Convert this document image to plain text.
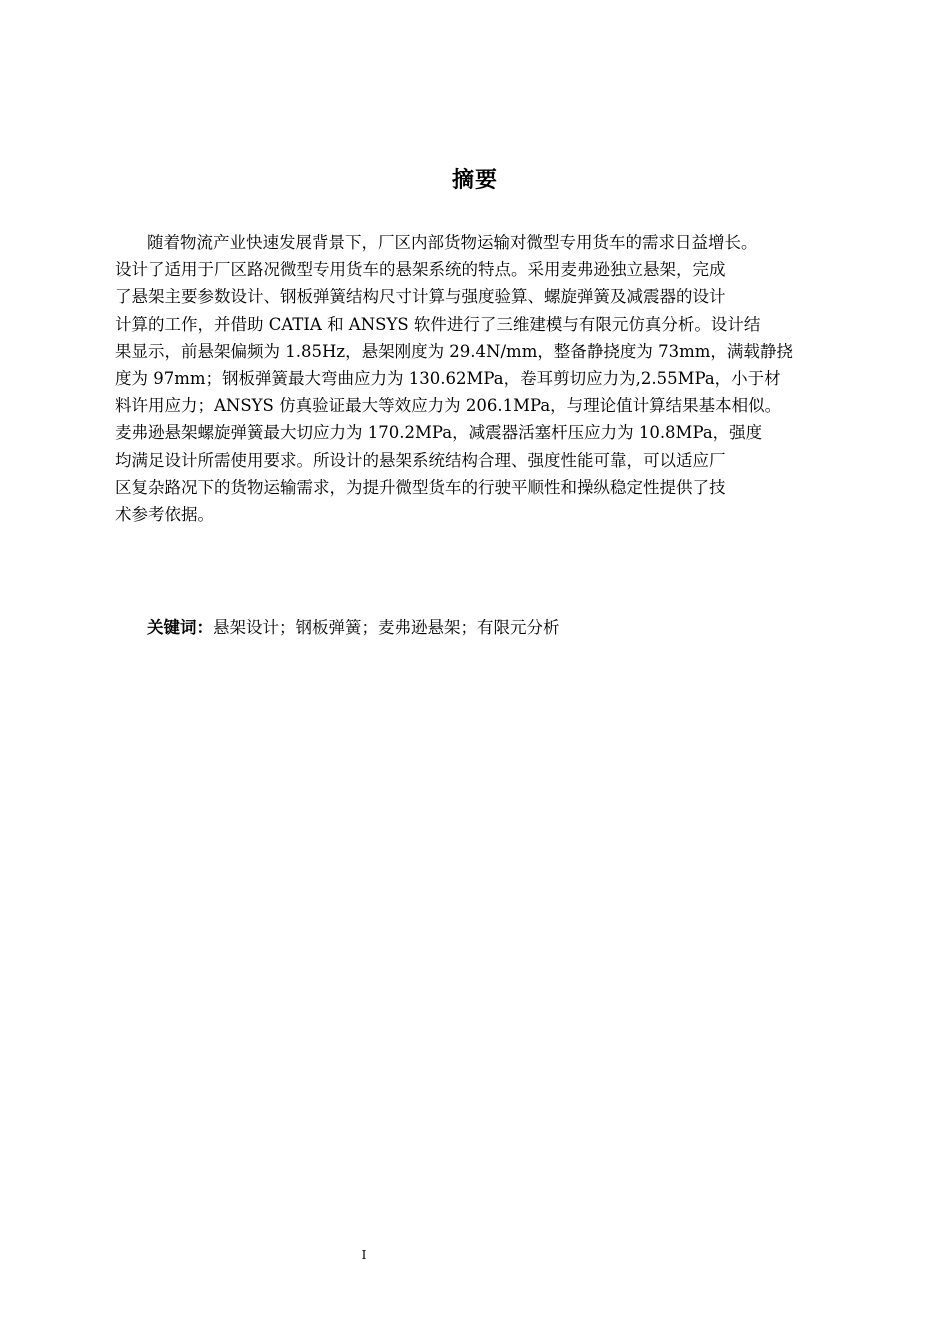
摘要

随着物流产业快速发展背景下，厂区内部货物运输对微型专用货车的需求日益增长。
设计了适用于厂区路况微型专用货车的悬架系统的特点。采用麦弗逊独立悬架，完成
了悬架主要参数设计、钢板弹簧结构尺寸计算与强度验算、螺旋弹簧及减震器的设计
计算的工作，并借助 CATIA 和 ANSYS 软件进行了三维建模与有限元仿真分析。设计结
果显示，前悬架偏频为 1.85Hz，悬架刚度为 29.4N/mm，整备静挠度为 73mm，满载静挠
度为 97mm；钢板弹簧最大弯曲应力为 130.62MPa，卷耳剪切应力为,2.55MPa，小于材
料许用应力；ANSYS 仿真验证最大等效应力为 206.1MPa，与理论值计算结果基本相似。
麦弗逊悬架螺旋弹簧最大切应力为 170.2MPa，减震器活塞杆压应力为 10.8MPa，强度
均满足设计所需使用要求。所设计的悬架系统结构合理、强度性能可靠，可以适应厂
区复杂路况下的货物运输需求，为提升微型货车的行驶平顺性和操纵稳定性提供了技
术参考依据。

关键词：悬架设计；钢板弹簧；麦弗逊悬架；有限元分析
I
